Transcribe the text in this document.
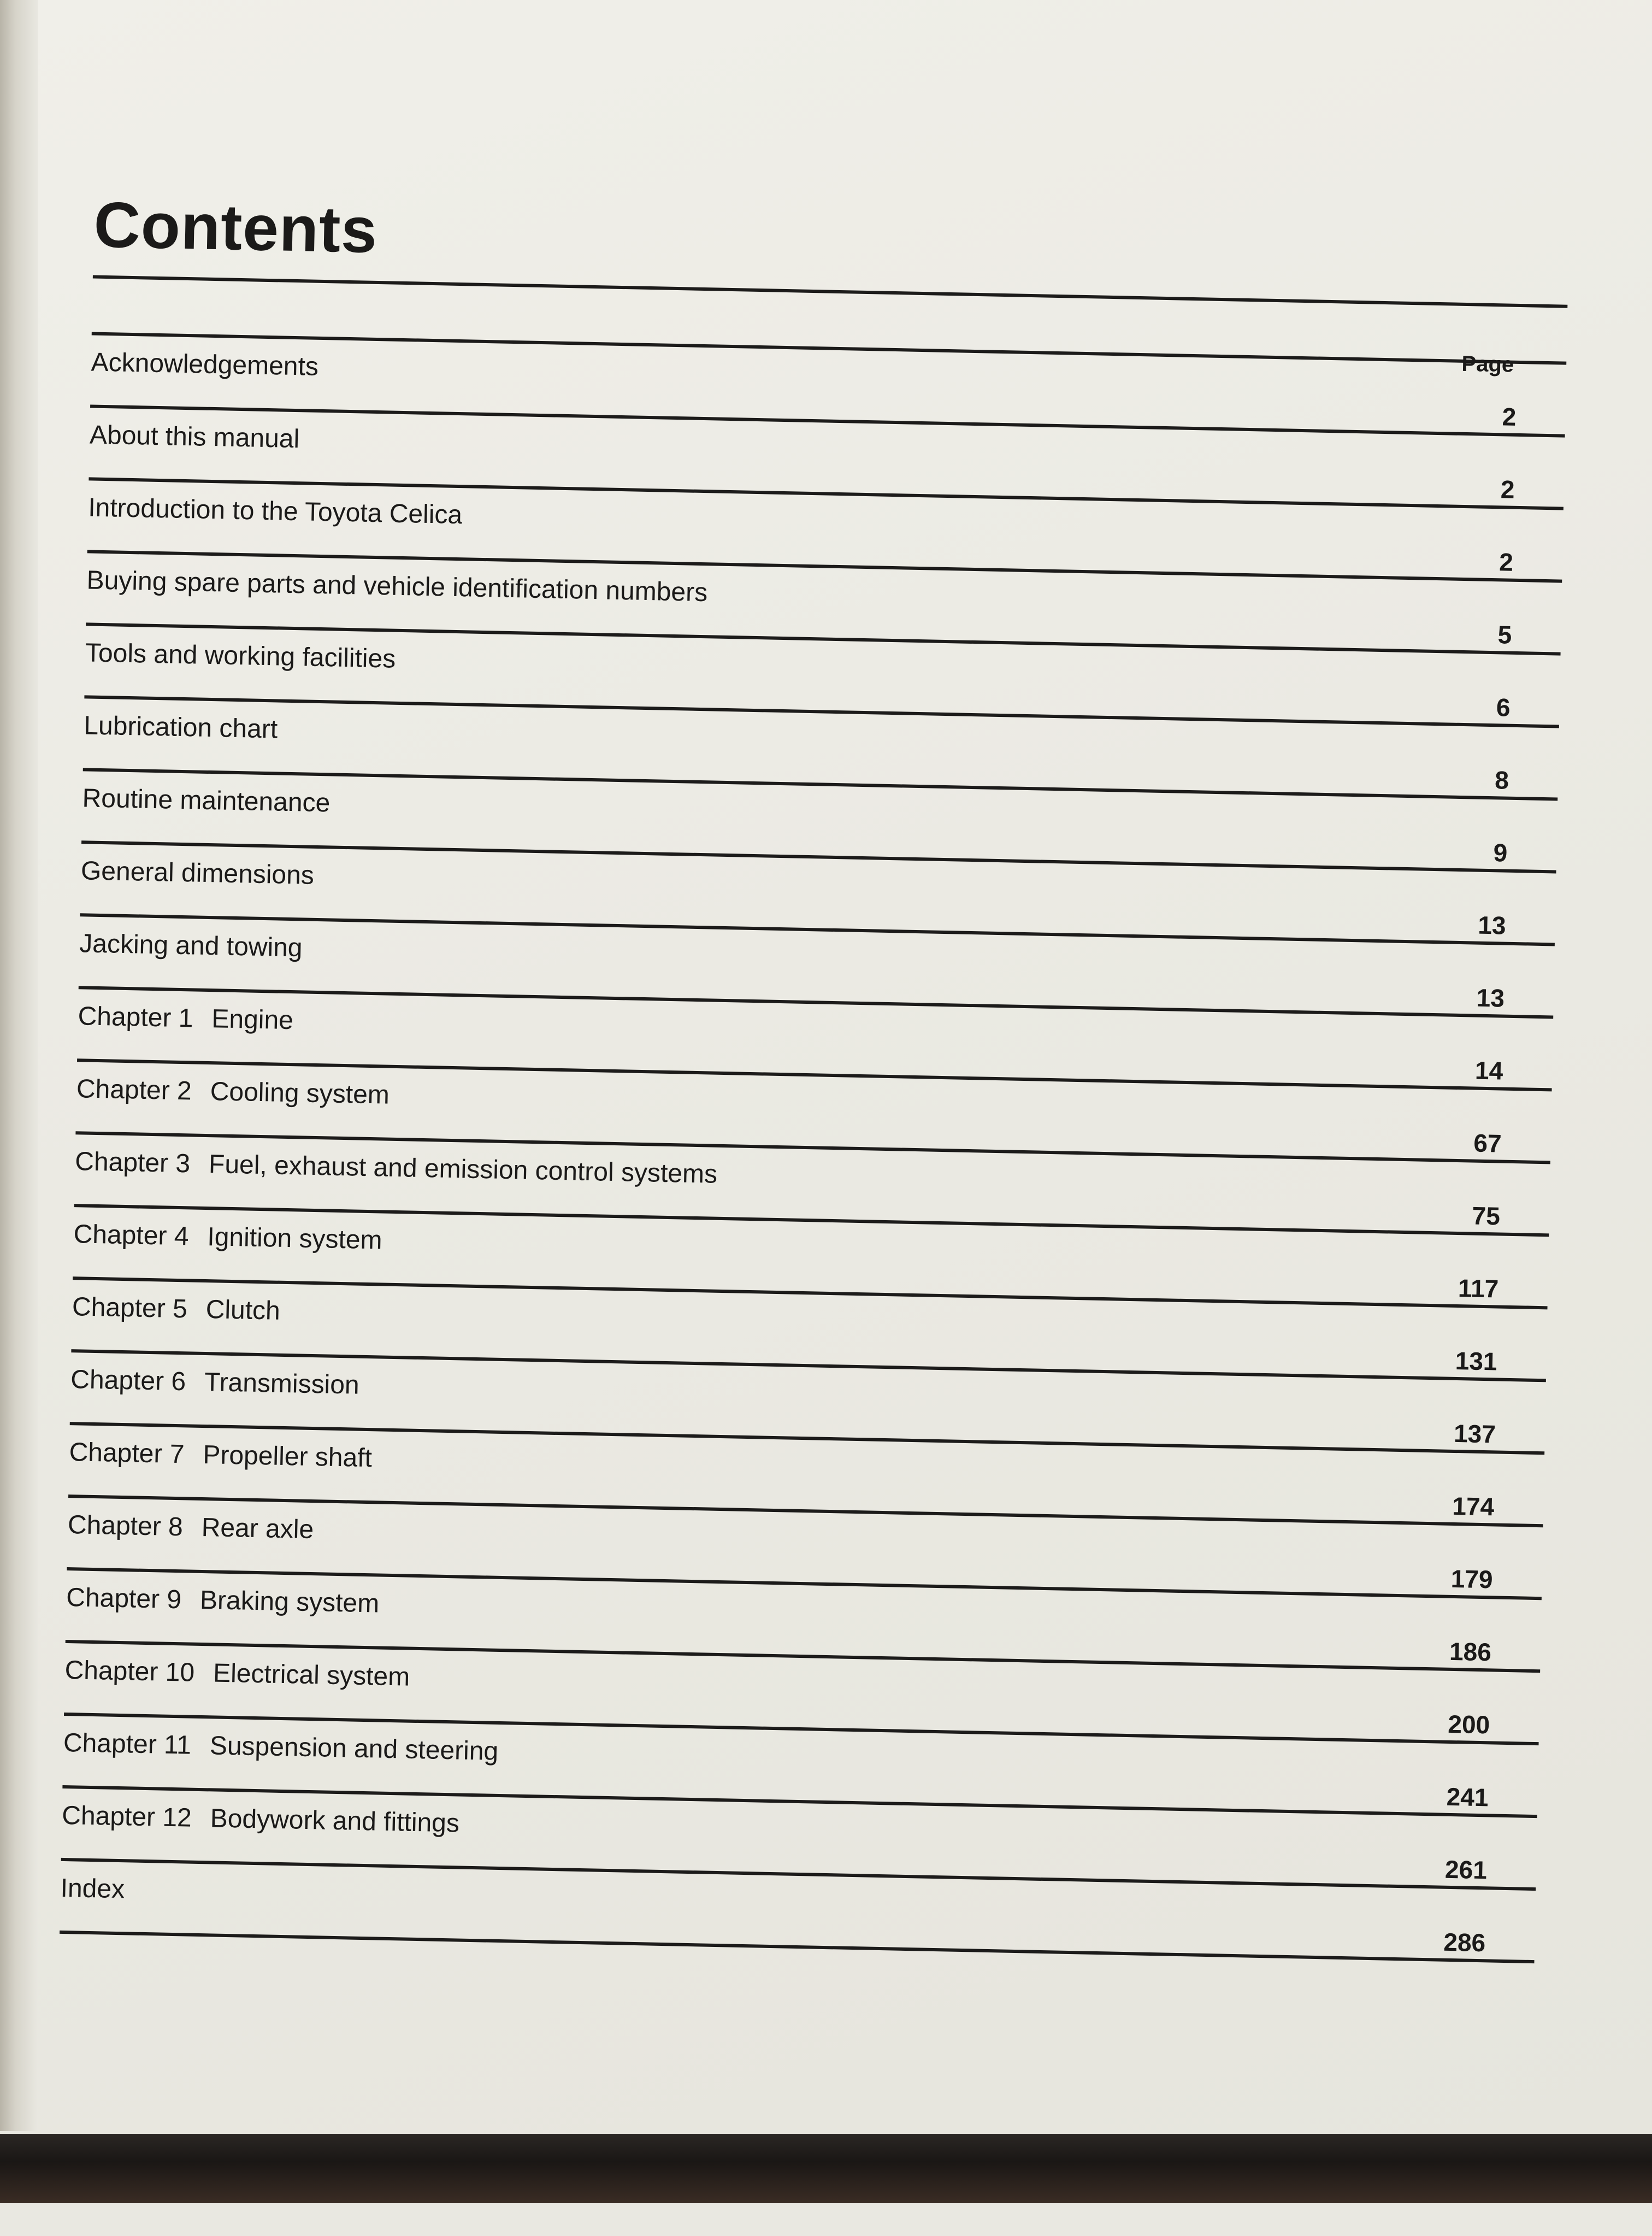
Contents
Page
Acknowledgements
2
About this manual
2
Introduction to the Toyota Celica
2
Buying spare parts and vehicle identification numbers
5
Tools and working facilities
6
Lubrication chart
8
Routine maintenance
9
General dimensions
13
Jacking and towing
13
Chapter 1 Engine
14
Chapter 2 Cooling system
67
Chapter 3 Fuel, exhaust and emission control systems
75
Chapter 4 Ignition system
117
Chapter 5 Clutch
131
Chapter 6 Transmission
137
Chapter 7 Propeller shaft
174
Chapter 8 Rear axle
179
Chapter 9 Braking system
186
Chapter 10 Electrical system
200
Chapter 11 Suspension and steering
241
Chapter 12 Bodywork and fittings
261
Index
286
